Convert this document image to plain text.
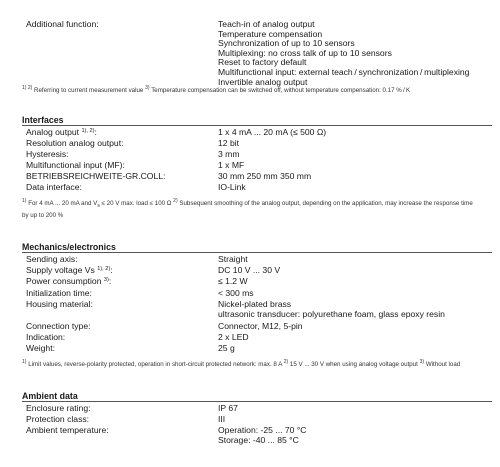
Additional function:	Teach-in of analog output
Temperature compensation
Synchronization of up to 10 sensors
Multiplexing: no cross talk of up to 10 sensors
Reset to factory default
Multifunctional input: external teach / synchronization / multiplexing
Invertible analog output
$^{1) 2)}$ Referring to current measurement value $^{3)}$ Temperature compensation can be switched off, without temperature compensation: 0.17 % / K
Interfaces
Analog output $^{1), 2)}$:	1 x 4 mA ... 20 mA (≤ 500 Ω)
Resolution analog output:	12 bit
Hysteresis:	3 mm
Multifunctional input (MF):	1 x MF
BETRIEBSREICHWEITE-GR.COLL:	30 mm 250 mm 350 mm
Data interface:	IO-Link
$^{1)}$ For 4 mA ... 20 mA and $V_s \le 20$ V max. load ≤ 100 Ω $^{2)}$ Subsequent smoothing of the analog output, depending on the application, may increase the response time
by up to 200 %
Mechanics/electronics
Sending axis:	Straight
Supply voltage Vs $^{1), 2)}$:	DC 10 V ... 30 V
Power consumption $^{3)}$:	≤ 1.2 W
Initialization time:	< 300 ms
Housing material:	Nickel-plated brass
ultrasonic transducer: polyurethane foam, glass epoxy resin
Connection type:	Connector, M12, 5-pin
Indication:	2 x LED
Weight:	25 g
$^{1)}$ Limit values, reverse-polarity protected, operation in short-circuit protected network: max. 8 A $^{2)}$ 15 V ... 30 V when using analog voltage output $^{3)}$ Without load
Ambient data
Enclosure rating:	IP 67
Protection class:	III
Ambient temperature:	Operation: -25 ... 70 °C
Storage: -40 ... 85 °C
